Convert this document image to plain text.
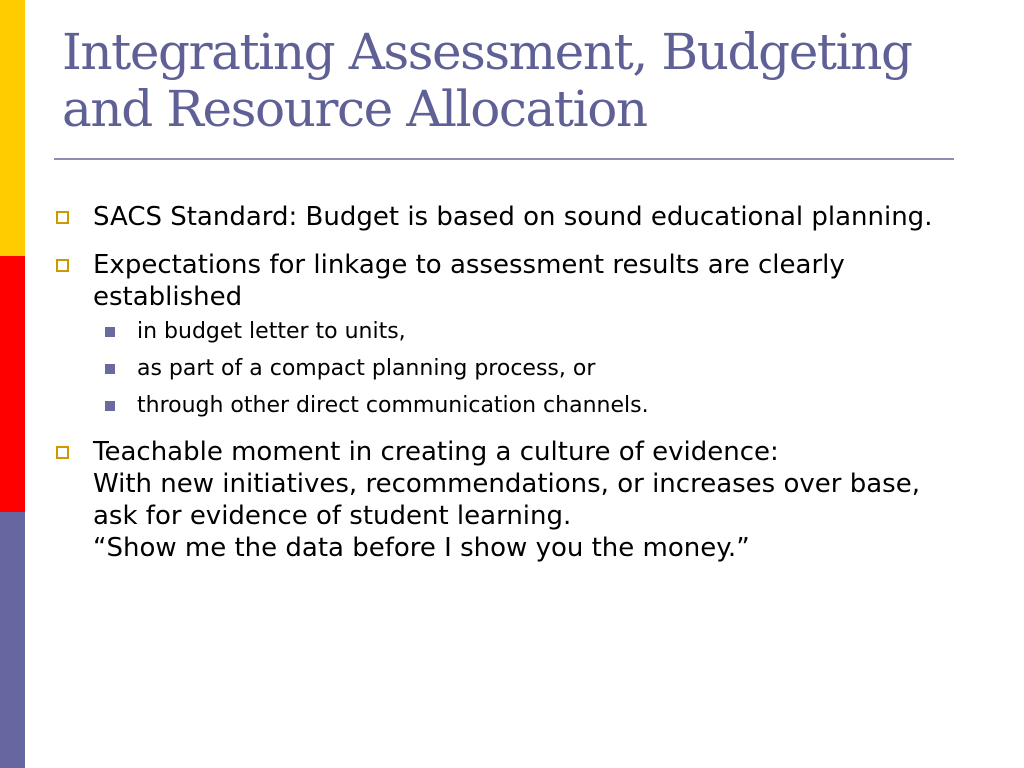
Integrating Assessment, Budgeting
and Resource Allocation
SACS Standard: Budget is based on sound educational planning.
Expectations for linkage to assessment results are clearly established
in budget letter to units,
as part of a compact planning process, or
through other direct communication channels.
Teachable moment in creating a culture of evidence:
With new initiatives, recommendations, or increases over base, ask for evidence of student learning.
“Show me the data before I show you the money.”
